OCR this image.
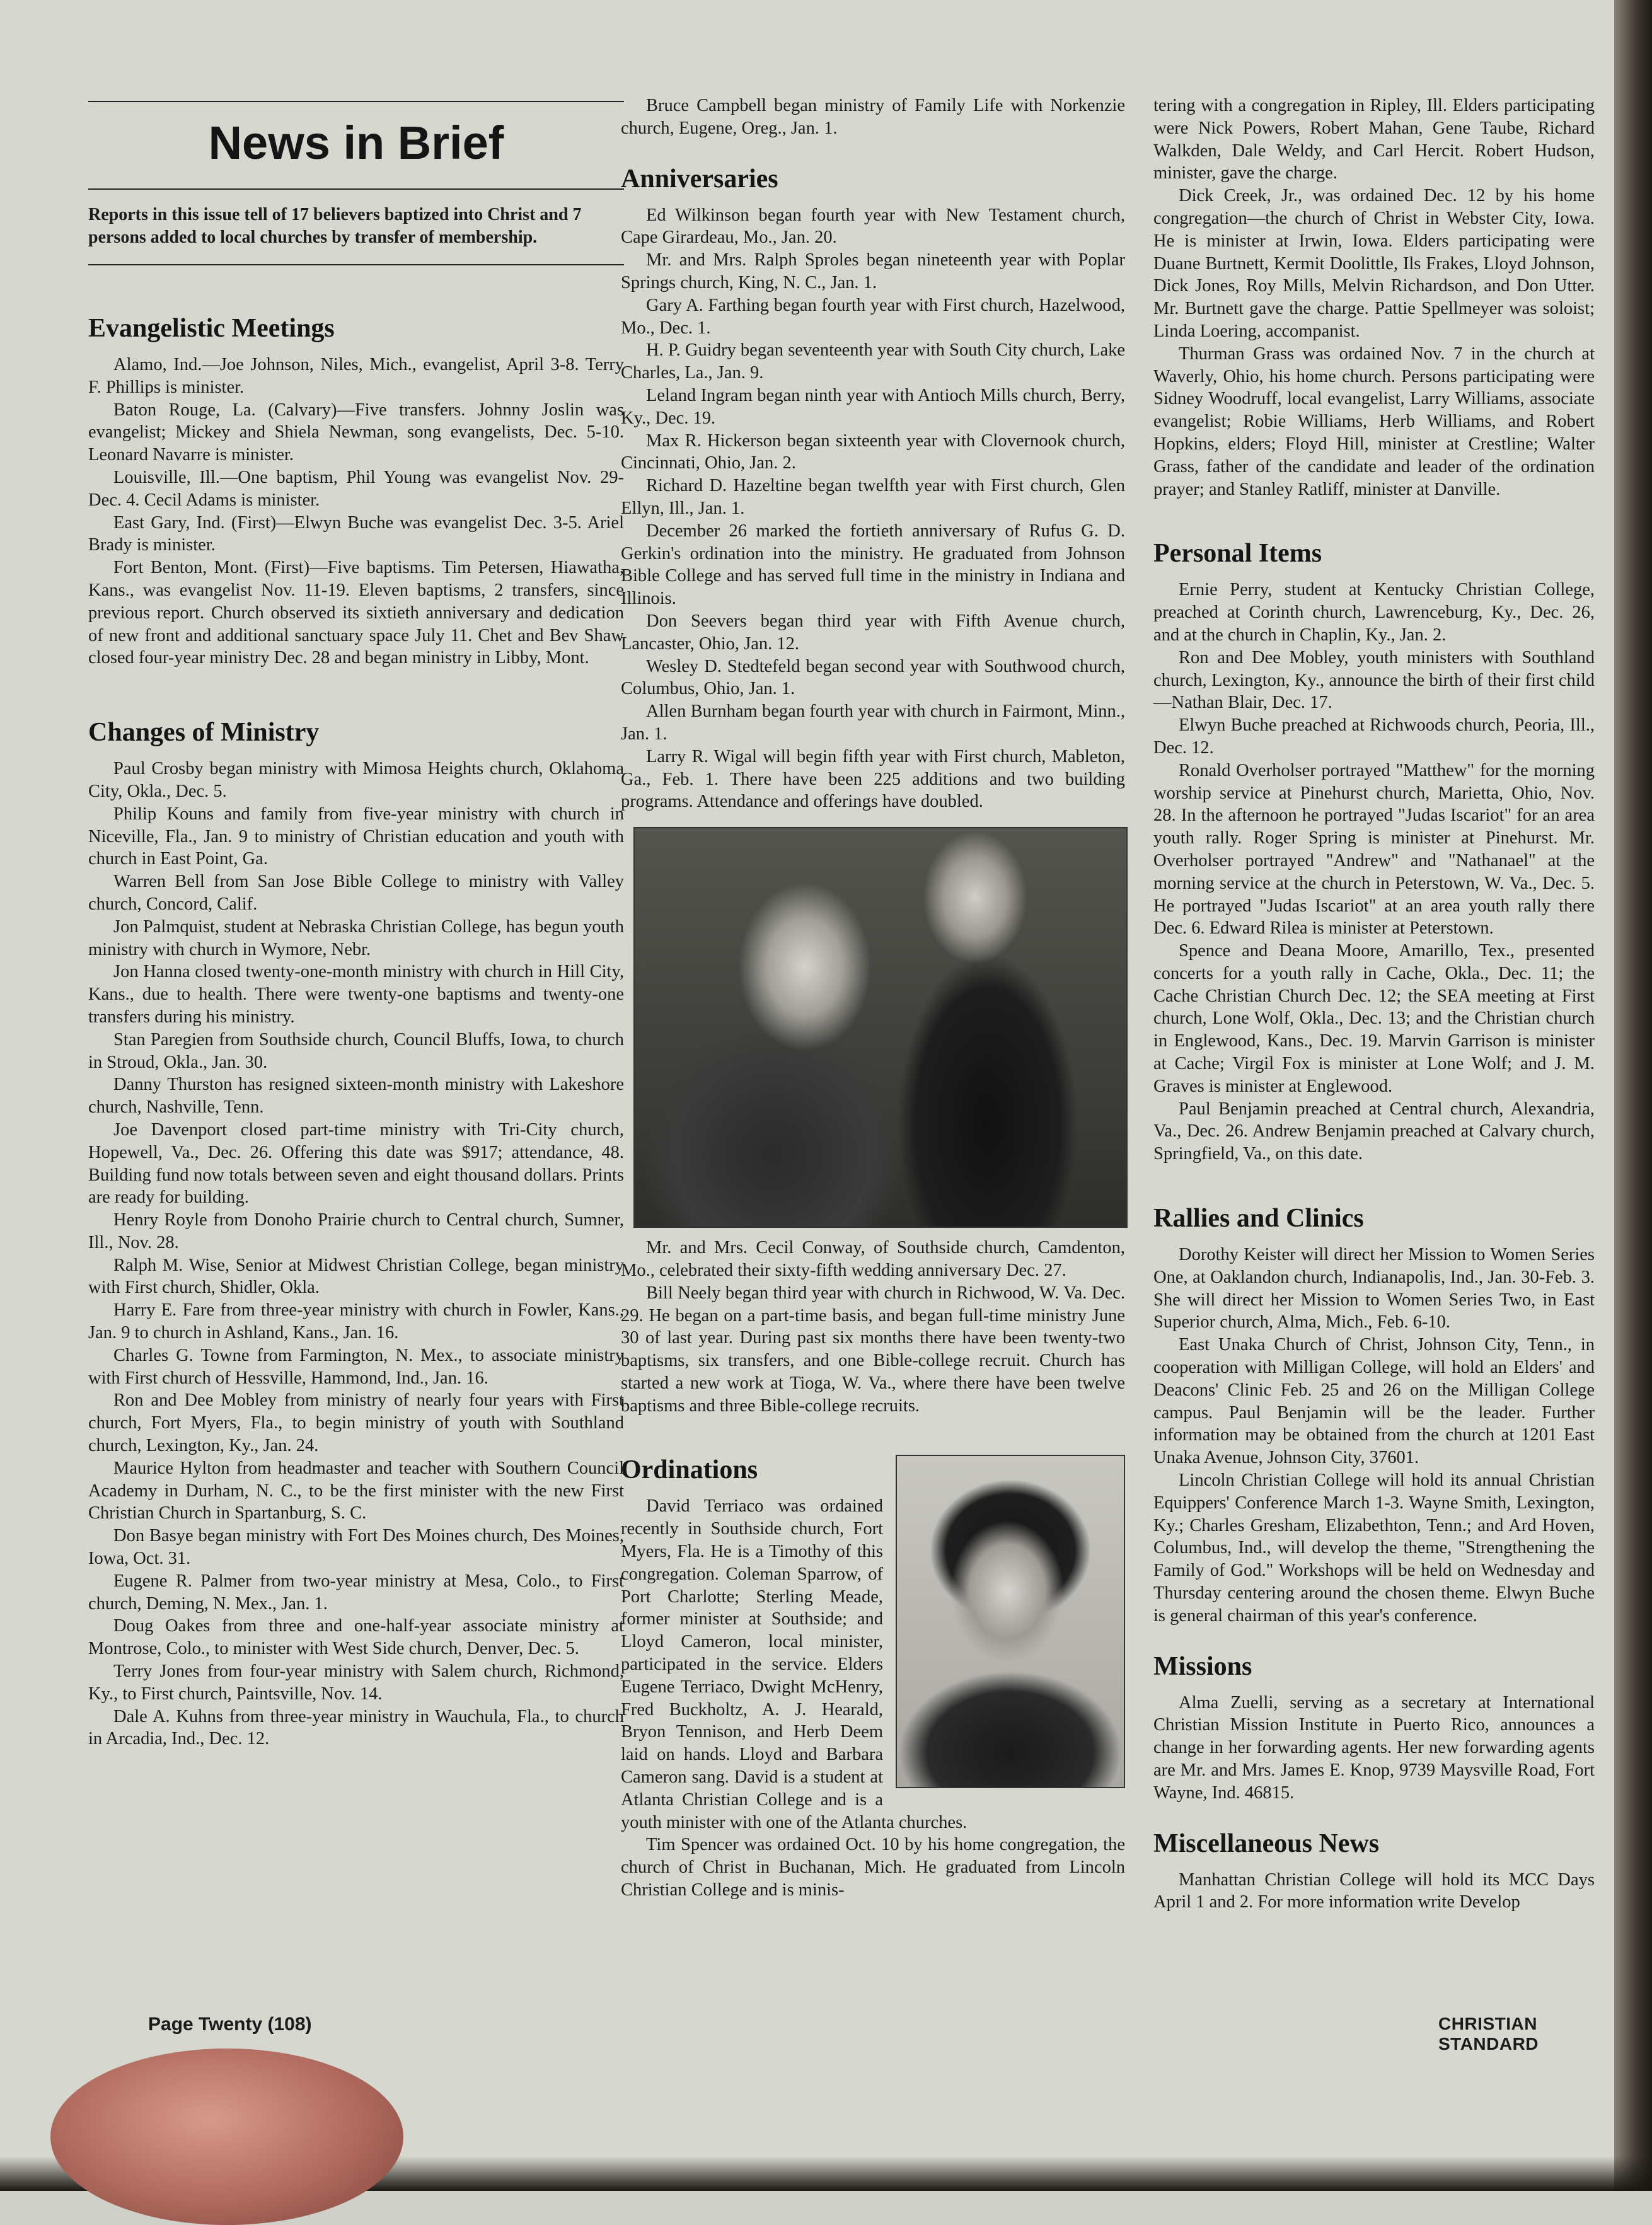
News in Brief

Reports in this issue tell of 17 believers baptized into Christ and 7 persons added to local churches by transfer of membership.

Evangelistic Meetings

Alamo, Ind.—Joe Johnson, Niles, Mich., evangelist, April 3-8. Terry F. Phillips is minister.

Baton Rouge, La. (Calvary)—Five transfers. Johnny Joslin was evangelist; Mickey and Shiela Newman, song evangelists, Dec. 5-10. Leonard Navarre is minister.

Louisville, Ill.—One baptism, Phil Young was evangelist Nov. 29-Dec. 4. Cecil Adams is minister.

East Gary, Ind. (First)—Elwyn Buche was evangelist Dec. 3-5. Ariel Brady is minister.

Fort Benton, Mont. (First)—Five baptisms. Tim Petersen, Hiawatha, Kans., was evangelist Nov. 11-19. Eleven baptisms, 2 transfers, since previous report. Church observed its sixtieth anniversary and dedication of new front and additional sanctuary space July 11. Chet and Bev Shaw closed four-year ministry Dec. 28 and began ministry in Libby, Mont.

Changes of Ministry

Paul Crosby began ministry with Mimosa Heights church, Oklahoma City, Okla., Dec. 5.

Philip Kouns and family from five-year ministry with church in Niceville, Fla., Jan. 9 to ministry of Christian education and youth with church in East Point, Ga.

Warren Bell from San Jose Bible College to ministry with Valley church, Concord, Calif.

Jon Palmquist, student at Nebraska Christian College, has begun youth ministry with church in Wymore, Nebr.

Jon Hanna closed twenty-one-month ministry with church in Hill City, Kans., due to health. There were twenty-one baptisms and twenty-one transfers during his ministry.

Stan Paregien from Southside church, Council Bluffs, Iowa, to church in Stroud, Okla., Jan. 30.

Danny Thurston has resigned sixteen-month ministry with Lakeshore church, Nashville, Tenn.

Joe Davenport closed part-time ministry with Tri-City church, Hopewell, Va., Dec. 26. Offering this date was $917; attendance, 48. Building fund now totals between seven and eight thousand dollars. Prints are ready for building.

Henry Royle from Donoho Prairie church to Central church, Sumner, Ill., Nov. 28.

Ralph M. Wise, Senior at Midwest Christian College, began ministry with First church, Shidler, Okla.

Harry E. Fare from three-year ministry with church in Fowler, Kans., Jan. 9 to church in Ashland, Kans., Jan. 16.

Charles G. Towne from Farmington, N. Mex., to associate ministry with First church of Hessville, Hammond, Ind., Jan. 16.

Ron and Dee Mobley from ministry of nearly four years with First church, Fort Myers, Fla., to begin ministry of youth with Southland church, Lexington, Ky., Jan. 24.

Maurice Hylton from headmaster and teacher with Southern Council Academy in Durham, N. C., to be the first minister with the new First Christian Church in Spartanburg, S. C.

Don Basye began ministry with Fort Des Moines church, Des Moines, Iowa, Oct. 31.

Eugene R. Palmer from two-year ministry at Mesa, Colo., to First church, Deming, N. Mex., Jan. 1.

Doug Oakes from three and one-half-year associate ministry at Montrose, Colo., to minister with West Side church, Denver, Dec. 5.

Terry Jones from four-year ministry with Salem church, Richmond, Ky., to First church, Paintsville, Nov. 14.

Dale A. Kuhns from three-year ministry in Wauchula, Fla., to church in Arcadia, Ind., Dec. 12.

Bruce Campbell began ministry of Family Life with Norkenzie church, Eugene, Oreg., Jan. 1.

Anniversaries

Ed Wilkinson began fourth year with New Testament church, Cape Girardeau, Mo., Jan. 20.

Mr. and Mrs. Ralph Sproles began nineteenth year with Poplar Springs church, King, N. C., Jan. 1.

Gary A. Farthing began fourth year with First church, Hazelwood, Mo., Dec. 1.

H. P. Guidry began seventeenth year with South City church, Lake Charles, La., Jan. 9.

Leland Ingram began ninth year with Antioch Mills church, Berry, Ky., Dec. 19.

Max R. Hickerson began sixteenth year with Clovernook church, Cincinnati, Ohio, Jan. 2.

Richard D. Hazeltine began twelfth year with First church, Glen Ellyn, Ill., Jan. 1.

December 26 marked the fortieth anniversary of Rufus G. D. Gerkin's ordination into the ministry. He graduated from Johnson Bible College and has served full time in the ministry in Indiana and Illinois.

Don Seevers began third year with Fifth Avenue church, Lancaster, Ohio, Jan. 12.

Wesley D. Stedtefeld began second year with Southwood church, Columbus, Ohio, Jan. 1.

Allen Burnham began fourth year with church in Fairmont, Minn., Jan. 1.

Larry R. Wigal will begin fifth year with First church, Mableton, Ga., Feb. 1. There have been 225 additions and two building programs. Attendance and offerings have doubled.

Mr. and Mrs. Cecil Conway, of Southside church, Camdenton, Mo., celebrated their sixty-fifth wedding anniversary Dec. 27.

Bill Neely began third year with church in Richwood, W. Va. Dec. 29. He began on a part-time basis, and began full-time ministry June 30 of last year. During past six months there have been twenty-two baptisms, six transfers, and one Bible-college recruit. Church has started a new work at Tioga, W. Va., where there have been twelve baptisms and three Bible-college recruits.

Ordinations

David Terriaco was ordained recently in Southside church, Fort Myers, Fla. He is a Timothy of this congregation. Coleman Sparrow, of Port Charlotte; Sterling Meade, former minister at Southside; and Lloyd Cameron, local minister, participated in the service. Elders Eugene Terriaco, Dwight McHenry, Fred Buckholtz, A. J. Hearald, Bryon Tennison, and Herb Deem laid on hands. Lloyd and Barbara Cameron sang. David is a student at Atlanta Christian College and is a youth minister with one of the Atlanta churches.

Tim Spencer was ordained Oct. 10 by his home congregation, the church of Christ in Buchanan, Mich. He graduated from Lincoln Christian College and is minis-

tering with a congregation in Ripley, Ill. Elders participating were Nick Powers, Robert Mahan, Gene Taube, Richard Walkden, Dale Weldy, and Carl Hercit. Robert Hudson, minister, gave the charge.

Dick Creek, Jr., was ordained Dec. 12 by his home congregation—the church of Christ in Webster City, Iowa. He is minister at Irwin, Iowa. Elders participating were Duane Burtnett, Kermit Doolittle, Ils Frakes, Lloyd Johnson, Dick Jones, Roy Mills, Melvin Richardson, and Don Utter. Mr. Burtnett gave the charge. Pattie Spellmeyer was soloist; Linda Loering, accompanist.

Thurman Grass was ordained Nov. 7 in the church at Waverly, Ohio, his home church. Persons participating were Sidney Woodruff, local evangelist, Larry Williams, associate evangelist; Robie Williams, Herb Williams, and Robert Hopkins, elders; Floyd Hill, minister at Crestline; Walter Grass, father of the candidate and leader of the ordination prayer; and Stanley Ratliff, minister at Danville.

Personal Items

Ernie Perry, student at Kentucky Christian College, preached at Corinth church, Lawrenceburg, Ky., Dec. 26, and at the church in Chaplin, Ky., Jan. 2.

Ron and Dee Mobley, youth ministers with Southland church, Lexington, Ky., announce the birth of their first child—Nathan Blair, Dec. 17.

Elwyn Buche preached at Richwoods church, Peoria, Ill., Dec. 12.

Ronald Overholser portrayed "Matthew" for the morning worship service at Pinehurst church, Marietta, Ohio, Nov. 28. In the afternoon he portrayed "Judas Iscariot" for an area youth rally. Roger Spring is minister at Pinehurst. Mr. Overholser portrayed "Andrew" and "Nathanael" at the morning service at the church in Peterstown, W. Va., Dec. 5. He portrayed "Judas Iscariot" at an area youth rally there Dec. 6. Edward Rilea is minister at Peterstown.

Spence and Deana Moore, Amarillo, Tex., presented concerts for a youth rally in Cache, Okla., Dec. 11; the Cache Christian Church Dec. 12; the SEA meeting at First church, Lone Wolf, Okla., Dec. 13; and the Christian church in Englewood, Kans., Dec. 19. Marvin Garrison is minister at Cache; Virgil Fox is minister at Lone Wolf; and J. M. Graves is minister at Englewood.

Paul Benjamin preached at Central church, Alexandria, Va., Dec. 26. Andrew Benjamin preached at Calvary church, Springfield, Va., on this date.

Rallies and Clinics

Dorothy Keister will direct her Mission to Women Series One, at Oaklandon church, Indianapolis, Ind., Jan. 30-Feb. 3. She will direct her Mission to Women Series Two, in East Superior church, Alma, Mich., Feb. 6-10.

East Unaka Church of Christ, Johnson City, Tenn., in cooperation with Milligan College, will hold an Elders' and Deacons' Clinic Feb. 25 and 26 on the Milligan College campus. Paul Benjamin will be the leader. Further information may be obtained from the church at 1201 East Unaka Avenue, Johnson City, 37601.

Lincoln Christian College will hold its annual Christian Equippers' Conference March 1-3. Wayne Smith, Lexington, Ky.; Charles Gresham, Elizabethton, Tenn.; and Ard Hoven, Columbus, Ind., will develop the theme, "Strengthening the Family of God." Workshops will be held on Wednesday and Thursday centering around the chosen theme. Elwyn Buche is general chairman of this year's conference.

Missions

Alma Zuelli, serving as a secretary at International Christian Mission Institute in Puerto Rico, announces a change in her forwarding agents. Her new forwarding agents are Mr. and Mrs. James E. Knop, 9739 Maysville Road, Fort Wayne, Ind. 46815.

Miscellaneous News

Manhattan Christian College will hold its MCC Days April 1 and 2. For more information write Develop

Page Twenty (108)	CHRISTIAN STANDARD
